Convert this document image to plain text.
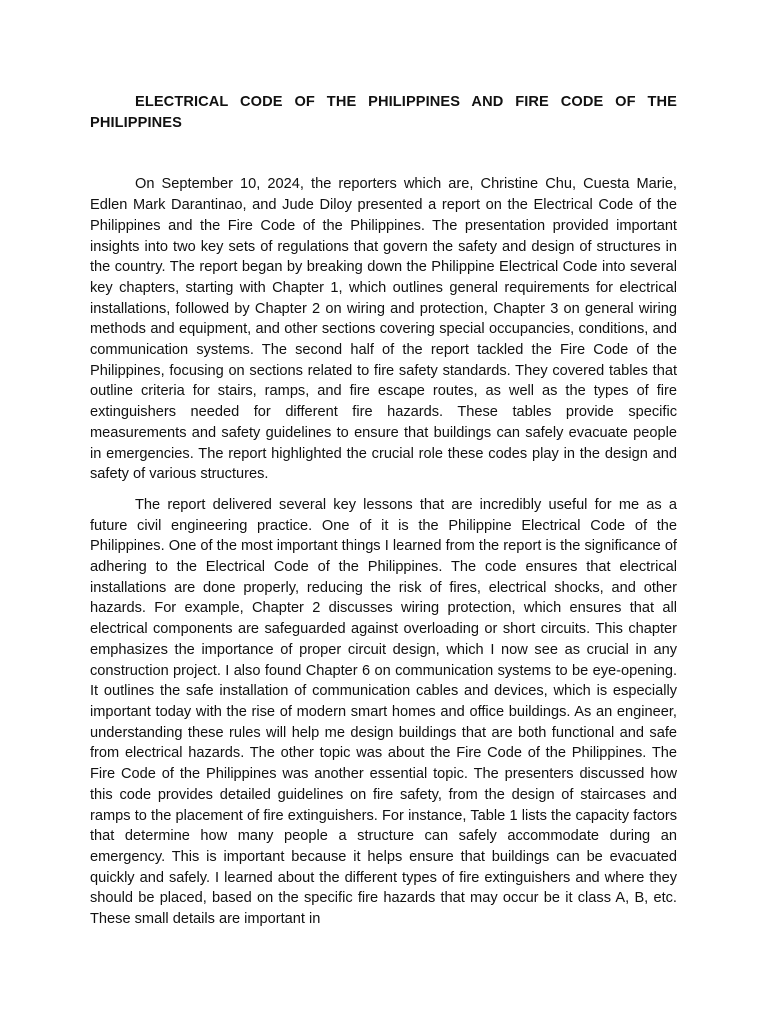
ELECTRICAL CODE OF THE PHILIPPINES AND FIRE CODE OF THE PHILIPPINES

On September 10, 2024, the reporters which are, Christine Chu, Cuesta Marie, Edlen Mark Darantinao, and Jude Diloy presented a report on the Electrical Code of the Philippines and the Fire Code of the Philippines. The presentation provided important insights into two key sets of regulations that govern the safety and design of structures in the country. The report began by breaking down the Philippine Electrical Code into several key chapters, starting with Chapter 1, which outlines general requirements for electrical installations, followed by Chapter 2 on wiring and protection, Chapter 3 on general wiring methods and equipment, and other sections covering special occupancies, conditions, and communication systems. The second half of the report tackled the Fire Code of the Philippines, focusing on sections related to fire safety standards. They covered tables that outline criteria for stairs, ramps, and fire escape routes, as well as the types of fire extinguishers needed for different fire hazards. These tables provide specific measurements and safety guidelines to ensure that buildings can safely evacuate people in emergencies. The report highlighted the crucial role these codes play in the design and safety of various structures.

The report delivered several key lessons that are incredibly useful for me as a future civil engineering practice. One of it is the Philippine Electrical Code of the Philippines. One of the most important things I learned from the report is the significance of adhering to the Electrical Code of the Philippines. The code ensures that electrical installations are done properly, reducing the risk of fires, electrical shocks, and other hazards. For example, Chapter 2 discusses wiring protection, which ensures that all electrical components are safeguarded against overloading or short circuits. This chapter emphasizes the importance of proper circuit design, which I now see as crucial in any construction project. I also found Chapter 6 on communication systems to be eye-opening. It outlines the safe installation of communication cables and devices, which is especially important today with the rise of modern smart homes and office buildings. As an engineer, understanding these rules will help me design buildings that are both functional and safe from electrical hazards. The other topic was about the Fire Code of the Philippines. The Fire Code of the Philippines was another essential topic. The presenters discussed how this code provides detailed guidelines on fire safety, from the design of staircases and ramps to the placement of fire extinguishers. For instance, Table 1 lists the capacity factors that determine how many people a structure can safely accommodate during an emergency. This is important because it helps ensure that buildings can be evacuated quickly and safely. I learned about the different types of fire extinguishers and where they should be placed, based on the specific fire hazards that may occur be it class A, B, etc. These small details are important in
